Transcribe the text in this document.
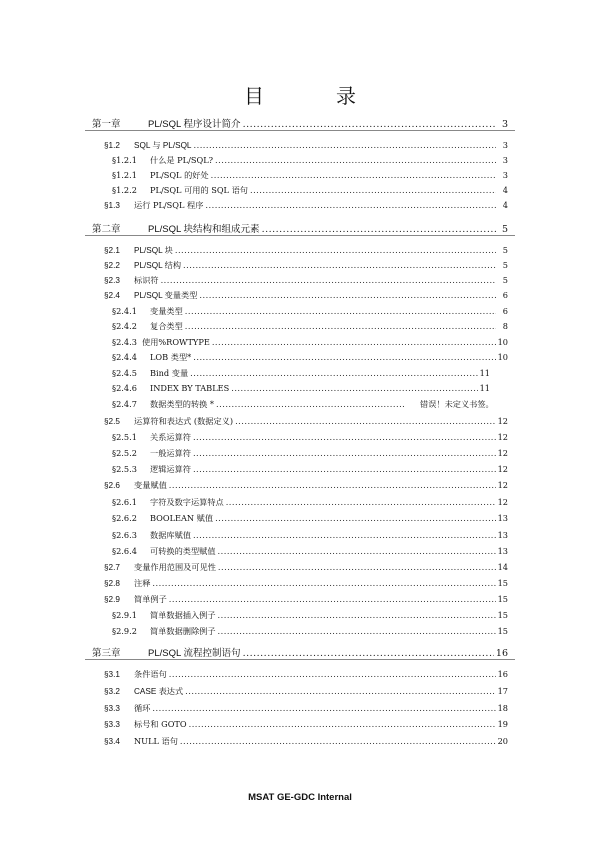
目	录
第一章	PL/SQL 程序设计简介 .....	3
§1.2	SQL 与 PL/SQL .....	3
§1.2.1	什么是 PL/SQL? .....	3
§1.2.1	PL/SQL 的好处 .....	3
§1.2.2	PL/SQL 可用的 SQL 语句 .....	4
§1.3	运行 PL/SQL 程序 .....	4
第二章	PL/SQL 块结构和组成元素 .....	5
§2.1	PL/SQL 块 .....	5
§2.2	PL/SQL 结构 .....	5
§2.3	标识符 .....	5
§2.4	PL/SQL 变量类型 .....	6
§2.4.1	变量类型 .....	6
§2.4.2	复合类型 .....	8
§2.4.3 使用%ROWTYPE .....	10
§2.4.4	LOB 类型* .....	10
§2.4.5	Bind 变量 .....	11
§2.4.6	INDEX BY TABLES .....	11
§2.4.7	数据类型的转换 * .....	错误！未定义书签。
§2.5	运算符和表达式 (数据定义) .....	12
§2.5.1	关系运算符 .....	12
§2.5.2	一般运算符 .....	12
§2.5.3	逻辑运算符 .....	12
§2.6	变量赋值 .....	12
§2.6.1	字符及数字运算特点 .....	12
§2.6.2	BOOLEAN 赋值 .....	13
§2.6.3	数据库赋值 .....	13
§2.6.4	可转换的类型赋值 .....	13
§2.7	变量作用范围及可见性 .....	14
§2.8	注释 .....	15
§2.9	简单例子 .....	15
§2.9.1	简单数据插入例子 .....	15
§2.9.2	简单数据删除例子 .....	15
第三章	PL/SQL 流程控制语句 .....	16
§3.1	条件语句 .....	16
§3.2	CASE 表达式 .....	17
§3.3	循环 .....	18
§3.3	标号和 GOTO .....	19
§3.4	NULL 语句 .....	20
MSAT GE-GDC Internal
